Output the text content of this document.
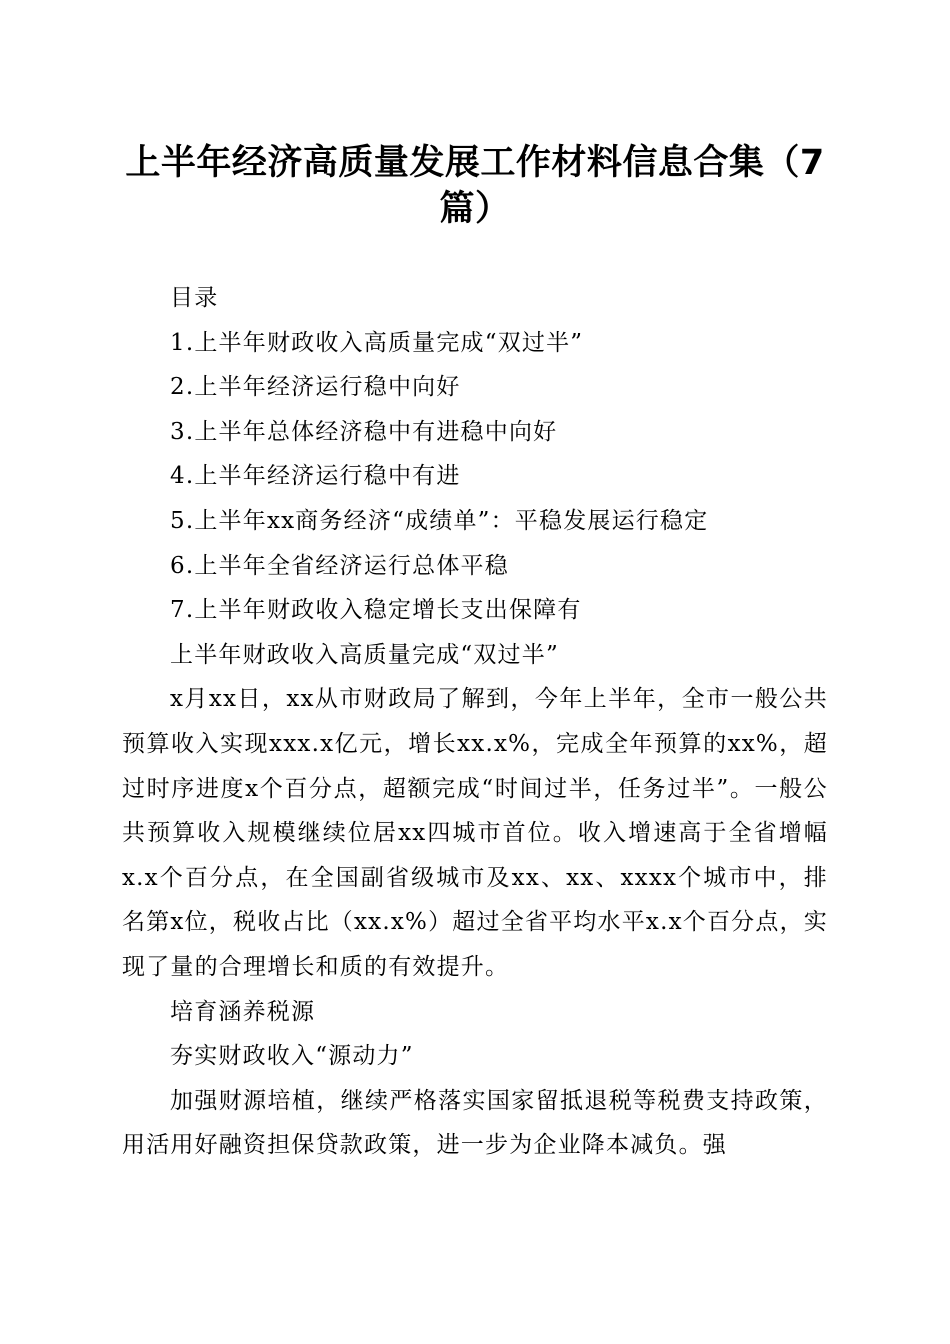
上半年经济高质量发展工作材料信息合集（7篇）

目录

1.上半年财政收入高质量完成“双过半”

2.上半年经济运行稳中向好

3.上半年总体经济稳中有进稳中向好

4.上半年经济运行稳中有进

5.上半年xx商务经济“成绩单”：平稳发展运行稳定

6.上半年全省经济运行总体平稳

7.上半年财政收入稳定增长支出保障有

上半年财政收入高质量完成“双过半”

x月xx日，xx从市财政局了解到，今年上半年，全市一般公共预算收入实现xxx.x亿元，增长xx.x%，完成全年预算的xx%，超过时序进度x个百分点，超额完成“时间过半，任务过半”。一般公共预算收入规模继续位居xx四城市首位。收入增速高于全省增幅x.x个百分点，在全国副省级城市及xx、xx、xxxx个城市中，排名第x位，税收占比（xx.x%）超过全省平均水平x.x个百分点，实现了量的合理增长和质的有效提升。

培育涵养税源

夯实财政收入“源动力”

加强财源培植，继续严格落实国家留抵退税等税费支持政策，用活用好融资担保贷款政策，进一步为企业降本减负。强
